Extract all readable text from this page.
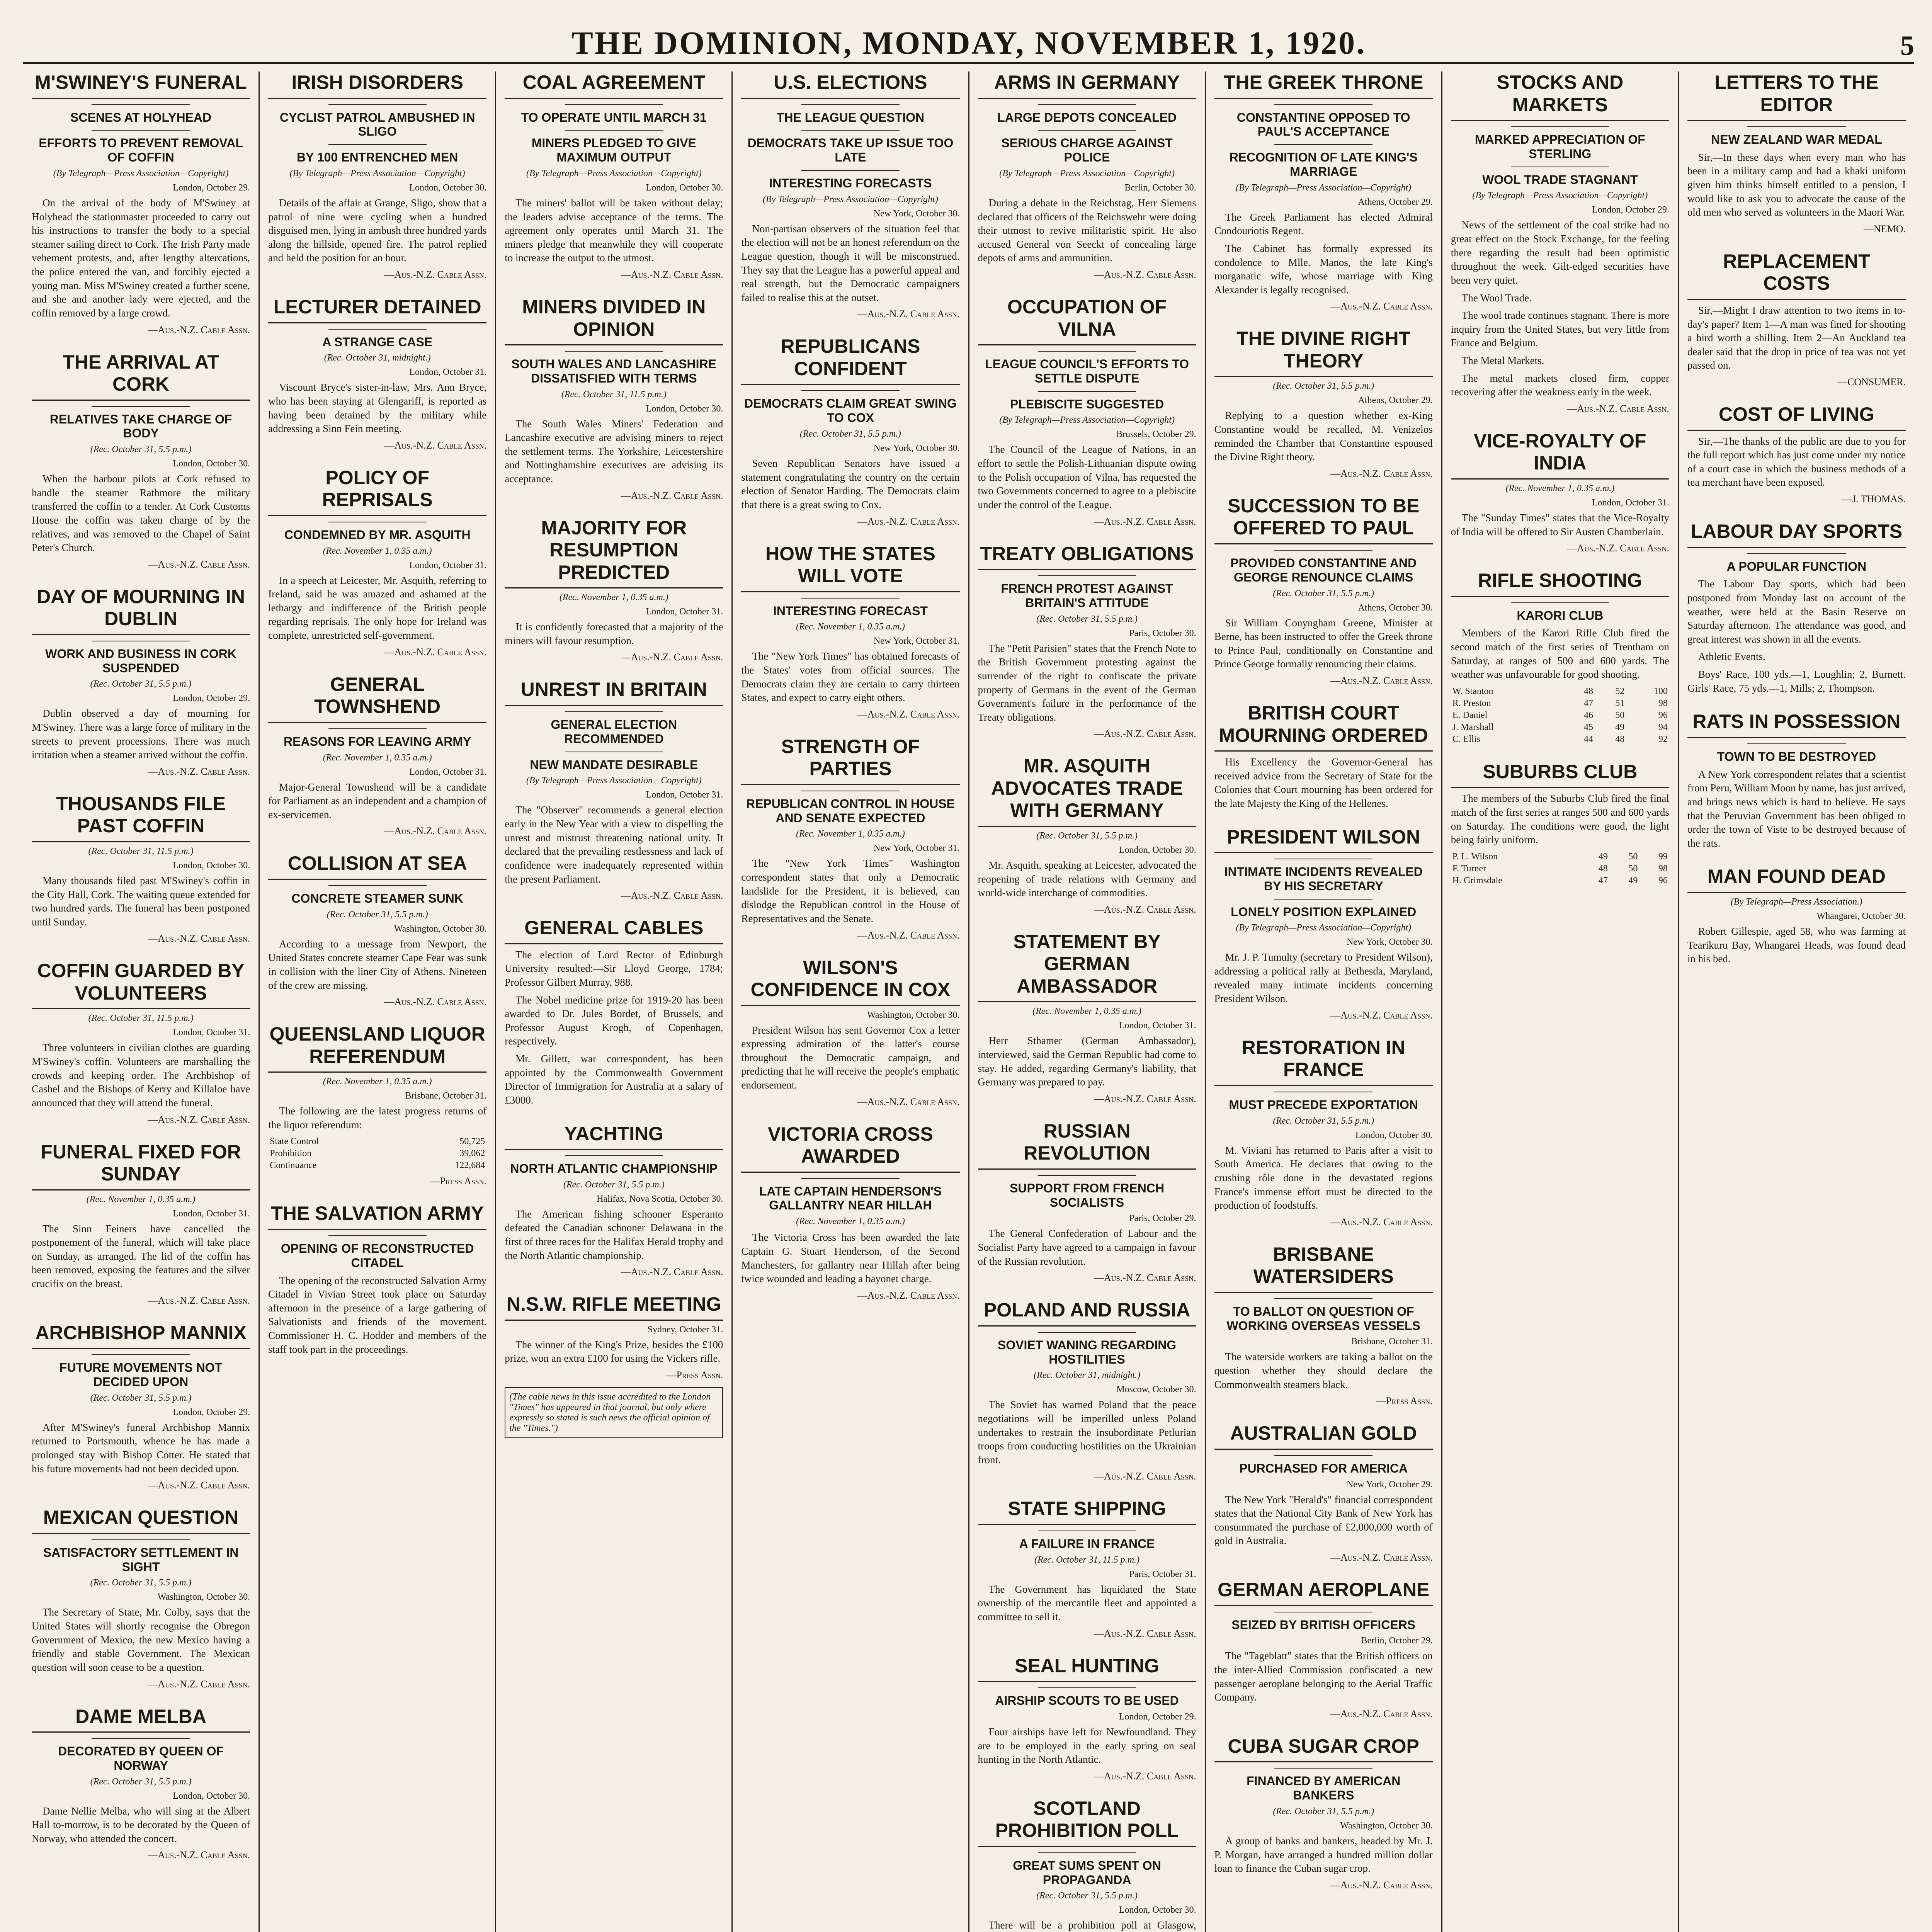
THE DOMINION, MONDAY, NOVEMBER 1, 1920.	5
M'SWINEY'S FUNERAL
SCENES AT HOLYHEAD
EFFORTS TO PREVENT REMOVAL OF COFFIN
(By Telegraph—Press Association—Copyright)
London, October 29.

On the arrival of the body of M'Swiney at Holyhead the stationmaster proceeded to carry out his instructions to transfer the body to a special steamer sailing direct to Cork. The Irish Party made vehement protests, and, after lengthy altercations, the police entered the van, and forcibly ejected a young man. Miss M'Swiney created a further scene, and she and another lady were ejected, and the coffin removed by a large crowd.

—Aus.-N.Z. Cable Assn.
THE ARRIVAL AT CORK
RELATIVES TAKE CHARGE OF BODY
(Rec. October 31, 5.5 p.m.)
London, October 30.

When the harbour pilots at Cork refused to handle the steamer Rathmore the military transferred the coffin to a tender. At Cork Customs House the coffin was taken charge of by the relatives, and was removed to the Chapel of Saint Peter's Church.

—Aus.-N.Z. Cable Assn.
DAY OF MOURNING IN DUBLIN
WORK AND BUSINESS IN CORK SUSPENDED
(Rec. October 31, 5.5 p.m.)
London, October 29.

Dublin observed a day of mourning for M'Swiney. There was a large force of military in the streets to prevent processions. There was much irritation when a steamer arrived without the coffin.

—Aus.-N.Z. Cable Assn.
THOUSANDS FILE PAST COFFIN
(Rec. October 31, 11.5 p.m.)
London, October 30.

Many thousands filed past M'Swiney's coffin in the City Hall, Cork. The waiting queue extended for two hundred yards. The funeral has been postponed until Sunday.

—Aus.-N.Z. Cable Assn.
COFFIN GUARDED BY VOLUNTEERS
(Rec. October 31, 11.5 p.m.)
London, October 31.

Three volunteers in civilian clothes are guarding M'Swiney's coffin. Volunteers are marshalling the crowds and keeping order. The Archbishop of Cashel and the Bishops of Kerry and Killaloe have announced that they will attend the funeral.

—Aus.-N.Z. Cable Assn.
FUNERAL FIXED FOR SUNDAY
(Rec. November 1, 0.35 a.m.)
London, October 31.

The Sinn Feiners have cancelled the postponement of the funeral, which will take place on Sunday, as arranged. The lid of the coffin has been removed, exposing the features and the silver crucifix on the breast.

—Aus.-N.Z. Cable Assn.
ARCHBISHOP MANNIX
FUTURE MOVEMENTS NOT DECIDED UPON
(Rec. October 31, 5.5 p.m.)
London, October 29.

After M'Swiney's funeral Archbishop Mannix returned to Portsmouth, whence he has made a prolonged stay with Bishop Cotter. He stated that his future movements had not been decided upon.

—Aus.-N.Z. Cable Assn.
MEXICAN QUESTION
SATISFACTORY SETTLEMENT IN SIGHT
(Rec. October 31, 5.5 p.m.)
Washington, October 30.

The Secretary of State, Mr. Colby, says that the United States will shortly recognise the Obregon Government of Mexico, the new Mexico having a friendly and stable Government. The Mexican question will soon cease to be a question.

—Aus.-N.Z. Cable Assn.
DAME MELBA
DECORATED BY QUEEN OF NORWAY
(Rec. October 31, 5.5 p.m.)
London, October 30.

Dame Nellie Melba, who will sing at the Albert Hall to-morrow, is to be decorated by the Queen of Norway, who attended the concert.

—Aus.-N.Z. Cable Assn.
IRISH DISORDERS
CYCLIST PATROL AMBUSHED IN SLIGO
BY 100 ENTRENCHED MEN
(By Telegraph—Press Association—Copyright)
London, October 30.

Details of the affair at Grange, Sligo, show that a patrol of nine were cycling when a hundred disguised men, lying in ambush three hundred yards along the hillside, opened fire. The patrol replied and held the position for an hour.

—Aus.-N.Z. Cable Assn.
LECTURER DETAINED
A STRANGE CASE
(Rec. October 31, midnight.)
London, October 31.

Viscount Bryce's sister-in-law, Mrs. Ann Bryce, who has been staying at Glengariff, is reported as having been detained by the military while addressing a Sinn Fein meeting.

—Aus.-N.Z. Cable Assn.
POLICY OF REPRISALS
CONDEMNED BY MR. ASQUITH
(Rec. November 1, 0.35 a.m.)
London, October 31.

In a speech at Leicester, Mr. Asquith, referring to Ireland, said he was amazed and ashamed at the lethargy and indifference of the British people regarding reprisals. The only hope for Ireland was complete, unrestricted self-government.

—Aus.-N.Z. Cable Assn.
GENERAL TOWNSHEND
REASONS FOR LEAVING ARMY
(Rec. November 1, 0.35 a.m.)
London, October 31.

Major-General Townshend will be a candidate for Parliament as an independent and a champion of ex-servicemen.

—Aus.-N.Z. Cable Assn.
COLLISION AT SEA
CONCRETE STEAMER SUNK
(Rec. October 31, 5.5 p.m.)
Washington, October 30.

According to a message from Newport, the United States concrete steamer Cape Fear was sunk in collision with the liner City of Athens. Nineteen of the crew are missing.

—Aus.-N.Z. Cable Assn.
QUEENSLAND LIQUOR REFERENDUM
(Rec. November 1, 0.35 a.m.)
Brisbane, October 31.

The following are the latest progress returns of the liquor referendum:

State Control	50,725
Prohibition	39,062
Continuance	122,684
—Press Assn.
THE SALVATION ARMY
OPENING OF RECONSTRUCTED CITADEL

The opening of the reconstructed Salvation Army Citadel in Vivian Street took place on Saturday afternoon in the presence of a large gathering of Salvationists and friends of the movement. Commissioner H. C. Hodder and members of the staff took part in the proceedings.

COAL AGREEMENT
TO OPERATE UNTIL MARCH 31
MINERS PLEDGED TO GIVE MAXIMUM OUTPUT
(By Telegraph—Press Association—Copyright)
London, October 30.

The miners' ballot will be taken without delay; the leaders advise acceptance of the terms. The agreement only operates until March 31. The miners pledge that meanwhile they will cooperate to increase the output to the utmost.

—Aus.-N.Z. Cable Assn.
MINERS DIVIDED IN OPINION
SOUTH WALES AND LANCASHIRE DISSATISFIED WITH TERMS
(Rec. October 31, 11.5 p.m.)
London, October 30.

The South Wales Miners' Federation and Lancashire executive are advising miners to reject the settlement terms. The Yorkshire, Leicestershire and Nottinghamshire executives are advising its acceptance.

—Aus.-N.Z. Cable Assn.
MAJORITY FOR RESUMPTION PREDICTED
(Rec. November 1, 0.35 a.m.)
London, October 31.

It is confidently forecasted that a majority of the miners will favour resumption.

—Aus.-N.Z. Cable Assn.
UNREST IN BRITAIN
GENERAL ELECTION RECOMMENDED
NEW MANDATE DESIRABLE
(By Telegraph—Press Association—Copyright)
London, October 31.

The "Observer" recommends a general election early in the New Year with a view to dispelling the unrest and mistrust threatening national unity. It declared that the prevailing restlessness and lack of confidence were inadequately represented within the present Parliament.

—Aus.-N.Z. Cable Assn.
GENERAL CABLES

The election of Lord Rector of Edinburgh University resulted:—Sir Lloyd George, 1784; Professor Gilbert Murray, 988.

The Nobel medicine prize for 1919-20 has been awarded to Dr. Jules Bordet, of Brussels, and Professor August Krogh, of Copenhagen, respectively.

Mr. Gillett, war correspondent, has been appointed by the Commonwealth Government Director of Immigration for Australia at a salary of £3000.

YACHTING
NORTH ATLANTIC CHAMPIONSHIP
(Rec. October 31, 5.5 p.m.)
Halifax, Nova Scotia, October 30.

The American fishing schooner Esperanto defeated the Canadian schooner Delawana in the first of three races for the Halifax Herald trophy and the North Atlantic championship.

—Aus.-N.Z. Cable Assn.
N.S.W. RIFLE MEETING
Sydney, October 31.

The winner of the King's Prize, besides the £100 prize, won an extra £100 for using the Vickers rifle.

—Press Assn.
(The cable news in this issue accredited to the London "Times" has appeared in that journal, but only where expressly so stated is such news the official opinion of the "Times.")
U.S. ELECTIONS
THE LEAGUE QUESTION
DEMOCRATS TAKE UP ISSUE TOO LATE
INTERESTING FORECASTS
(By Telegraph—Press Association—Copyright)
New York, October 30.

Non-partisan observers of the situation feel that the election will not be an honest referendum on the League question, though it will be misconstrued. They say that the League has a powerful appeal and real strength, but the Democratic campaigners failed to realise this at the outset.

—Aus.-N.Z. Cable Assn.
REPUBLICANS CONFIDENT
DEMOCRATS CLAIM GREAT SWING TO COX
(Rec. October 31, 5.5 p.m.)
New York, October 30.

Seven Republican Senators have issued a statement congratulating the country on the certain election of Senator Harding. The Democrats claim that there is a great swing to Cox.

—Aus.-N.Z. Cable Assn.
HOW THE STATES WILL VOTE
INTERESTING FORECAST
(Rec. November 1, 0.35 a.m.)
New York, October 31.

The "New York Times" has obtained forecasts of the States' votes from official sources. The Democrats claim they are certain to carry thirteen States, and expect to carry eight others.

—Aus.-N.Z. Cable Assn.
STRENGTH OF PARTIES
REPUBLICAN CONTROL IN HOUSE AND SENATE EXPECTED
(Rec. November 1, 0.35 a.m.)
New York, October 31.

The "New York Times" Washington correspondent states that only a Democratic landslide for the President, it is believed, can dislodge the Republican control in the House of Representatives and the Senate.

—Aus.-N.Z. Cable Assn.
WILSON'S CONFIDENCE IN COX
Washington, October 30.

President Wilson has sent Governor Cox a letter expressing admiration of the latter's course throughout the Democratic campaign, and predicting that he will receive the people's emphatic endorsement.

—Aus.-N.Z. Cable Assn.
VICTORIA CROSS AWARDED
LATE CAPTAIN HENDERSON'S GALLANTRY NEAR HILLAH
(Rec. November 1, 0.35 a.m.)

The Victoria Cross has been awarded the late Captain G. Stuart Henderson, of the Second Manchesters, for gallantry near Hillah after being twice wounded and leading a bayonet charge.

—Aus.-N.Z. Cable Assn.
ARMS IN GERMANY
LARGE DEPOTS CONCEALED
SERIOUS CHARGE AGAINST POLICE
(By Telegraph—Press Association—Copyright)
Berlin, October 30.

During a debate in the Reichstag, Herr Siemens declared that officers of the Reichswehr were doing their utmost to revive militaristic spirit. He also accused General von Seeckt of concealing large depots of arms and ammunition.

—Aus.-N.Z. Cable Assn.
OCCUPATION OF VILNA
LEAGUE COUNCIL'S EFFORTS TO SETTLE DISPUTE
PLEBISCITE SUGGESTED
(By Telegraph—Press Association—Copyright)
Brussels, October 29.

The Council of the League of Nations, in an effort to settle the Polish-Lithuanian dispute owing to the Polish occupation of Vilna, has requested the two Governments concerned to agree to a plebiscite under the control of the League.

—Aus.-N.Z. Cable Assn.
TREATY OBLIGATIONS
FRENCH PROTEST AGAINST BRITAIN'S ATTITUDE
(Rec. October 31, 5.5 p.m.)
Paris, October 30.

The "Petit Parisien" states that the French Note to the British Government protesting against the surrender of the right to confiscate the private property of Germans in the event of the German Government's failure in the performance of the Treaty obligations.

—Aus.-N.Z. Cable Assn.
MR. ASQUITH ADVOCATES TRADE WITH GERMANY
(Rec. October 31, 5.5 p.m.)
London, October 30.

Mr. Asquith, speaking at Leicester, advocated the reopening of trade relations with Germany and world-wide interchange of commodities.

—Aus.-N.Z. Cable Assn.
STATEMENT BY GERMAN AMBASSADOR
(Rec. November 1, 0.35 a.m.)
London, October 31.

Herr Sthamer (German Ambassador), interviewed, said the German Republic had come to stay. He added, regarding Germany's liability, that Germany was prepared to pay.

—Aus.-N.Z. Cable Assn.
RUSSIAN REVOLUTION
SUPPORT FROM FRENCH SOCIALISTS
Paris, October 29.

The General Confederation of Labour and the Socialist Party have agreed to a campaign in favour of the Russian revolution.

—Aus.-N.Z. Cable Assn.
POLAND AND RUSSIA
SOVIET WANING REGARDING HOSTILITIES
(Rec. October 31, midnight.)
Moscow, October 30.

The Soviet has warned Poland that the peace negotiations will be imperilled unless Poland undertakes to restrain the insubordinate Petlurian troops from conducting hostilities on the Ukrainian front.

—Aus.-N.Z. Cable Assn.
STATE SHIPPING
A FAILURE IN FRANCE
(Rec. October 31, 11.5 p.m.)
Paris, October 31.

The Government has liquidated the State ownership of the mercantile fleet and appointed a committee to sell it.

—Aus.-N.Z. Cable Assn.
SEAL HUNTING
AIRSHIP SCOUTS TO BE USED
London, October 29.

Four airships have left for Newfoundland. They are to be employed in the early spring on seal hunting in the North Atlantic.

—Aus.-N.Z. Cable Assn.
SCOTLAND PROHIBITION POLL
GREAT SUMS SPENT ON PROPAGANDA
(Rec. October 31, 5.5 p.m.)
London, October 30.

There will be a prohibition poll at Glasgow,

THE GREEK THRONE
CONSTANTINE OPPOSED TO PAUL'S ACCEPTANCE
RECOGNITION OF LATE KING'S MARRIAGE
(By Telegraph—Press Association—Copyright)
Athens, October 29.

The Greek Parliament has elected Admiral Condouriotis Regent.

The Cabinet has formally expressed its condolence to Mlle. Manos, the late King's morganatic wife, whose marriage with King Alexander is legally recognised.

—Aus.-N.Z. Cable Assn.
THE DIVINE RIGHT THEORY
(Rec. October 31, 5.5 p.m.)
Athens, October 29.

Replying to a question whether ex-King Constantine would be recalled, M. Venizelos reminded the Chamber that Constantine espoused the Divine Right theory.

—Aus.-N.Z. Cable Assn.
SUCCESSION TO BE OFFERED TO PAUL
PROVIDED CONSTANTINE AND GEORGE RENOUNCE CLAIMS
(Rec. October 31, 5.5 p.m.)
Athens, October 30.

Sir William Conyngham Greene, Minister at Berne, has been instructed to offer the Greek throne to Prince Paul, conditionally on Constantine and Prince George formally renouncing their claims.

—Aus.-N.Z. Cable Assn.
BRITISH COURT MOURNING ORDERED

His Excellency the Governor-General has received advice from the Secretary of State for the Colonies that Court mourning has been ordered for the late Majesty the King of the Hellenes.

PRESIDENT WILSON
INTIMATE INCIDENTS REVEALED BY HIS SECRETARY
LONELY POSITION EXPLAINED
(By Telegraph—Press Association—Copyright)
New York, October 30.

Mr. J. P. Tumulty (secretary to President Wilson), addressing a political rally at Bethesda, Maryland, revealed many intimate incidents concerning President Wilson.

—Aus.-N.Z. Cable Assn.
RESTORATION IN FRANCE
MUST PRECEDE EXPORTATION
(Rec. October 31, 5.5 p.m.)
London, October 30.

M. Viviani has returned to Paris after a visit to South America. He declares that owing to the crushing rôle done in the devastated regions France's immense effort must be directed to the production of foodstuffs.

—Aus.-N.Z. Cable Assn.
BRISBANE WATERSIDERS
TO BALLOT ON QUESTION OF WORKING OVERSEAS VESSELS
Brisbane, October 31.

The waterside workers are taking a ballot on the question whether they should declare the Commonwealth steamers black.

—Press Assn.
AUSTRALIAN GOLD
PURCHASED FOR AMERICA
New York, October 29.

The New York "Herald's" financial correspondent states that the National City Bank of New York has consummated the purchase of £2,000,000 worth of gold in Australia.

—Aus.-N.Z. Cable Assn.
GERMAN AEROPLANE
SEIZED BY BRITISH OFFICERS
Berlin, October 29.

The "Tageblatt" states that the British officers on the inter-Allied Commission confiscated a new passenger aeroplane belonging to the Aerial Traffic Company.

—Aus.-N.Z. Cable Assn.
CUBA SUGAR CROP
FINANCED BY AMERICAN BANKERS
(Rec. October 31, 5.5 p.m.)
Washington, October 30.

A group of banks and bankers, headed by Mr. J. P. Morgan, have arranged a hundred million dollar loan to finance the Cuban sugar crop.

—Aus.-N.Z. Cable Assn.
STOCKS AND MARKETS
MARKED APPRECIATION OF STERLING
WOOL TRADE STAGNANT
(By Telegraph—Press Association—Copyright)
London, October 29.

News of the settlement of the coal strike had no great effect on the Stock Exchange, for the feeling there regarding the result had been optimistic throughout the week. Gilt-edged securities have been very quiet.

The Wool Trade.

The wool trade continues stagnant. There is more inquiry from the United States, but very little from France and Belgium.

The Metal Markets.

The metal markets closed firm, copper recovering after the weakness early in the week.

—Aus.-N.Z. Cable Assn.
VICE-ROYALTY OF INDIA
(Rec. November 1, 0.35 a.m.)
London, October 31.

The "Sunday Times" states that the Vice-Royalty of India will be offered to Sir Austen Chamberlain.

—Aus.-N.Z. Cable Assn.
RIFLE SHOOTING
KARORI CLUB

Members of the Karori Rifle Club fired the second match of the first series of Trentham on Saturday, at ranges of 500 and 600 yards. The weather was unfavourable for good shooting.

W. Stanton	48	52	100
R. Preston	47	51	98
E. Daniel	46	50	96
J. Marshall	45	49	94
C. Ellis	44	48	92
SUBURBS CLUB

The members of the Suburbs Club fired the final match of the first series at ranges 500 and 600 yards on Saturday. The conditions were good, the light being fairly uniform.

P. L. Wilson	49	50	99
F. Turner	48	50	98
H. Grimsdale	47	49	96
LETTERS TO THE EDITOR
NEW ZEALAND WAR MEDAL

Sir,—In these days when every man who has been in a military camp and had a khaki uniform given him thinks himself entitled to a pension, I would like to ask you to advocate the cause of the old men who served as volunteers in the Maori War.

—NEMO.
REPLACEMENT COSTS

Sir,—Might I draw attention to two items in to-day's paper? Item 1—A man was fined for shooting a bird worth a shilling. Item 2—An Auckland tea dealer said that the drop in price of tea was not yet passed on.

—CONSUMER.
COST OF LIVING

Sir,—The thanks of the public are due to you for the full report which has just come under my notice of a court case in which the business methods of a tea merchant have been exposed.

—J. THOMAS.
LABOUR DAY SPORTS
A POPULAR FUNCTION

The Labour Day sports, which had been postponed from Monday last on account of the weather, were held at the Basin Reserve on Saturday afternoon. The attendance was good, and great interest was shown in all the events.

Athletic Events.

Boys' Race, 100 yds.—1, Loughlin; 2, Burnett. Girls' Race, 75 yds.—1, Mills; 2, Thompson.

RATS IN POSSESSION
TOWN TO BE DESTROYED

A New York correspondent relates that a scientist from Peru, William Moon by name, has just arrived, and brings news which is hard to believe. He says that the Peruvian Government has been obliged to order the town of Viste to be destroyed because of the rats.

MAN FOUND DEAD
(By Telegraph—Press Association.)
Whangarei, October 30.

Robert Gillespie, aged 58, who was farming at Tearikuru Bay, Whangarei Heads, was found dead in his bed.
